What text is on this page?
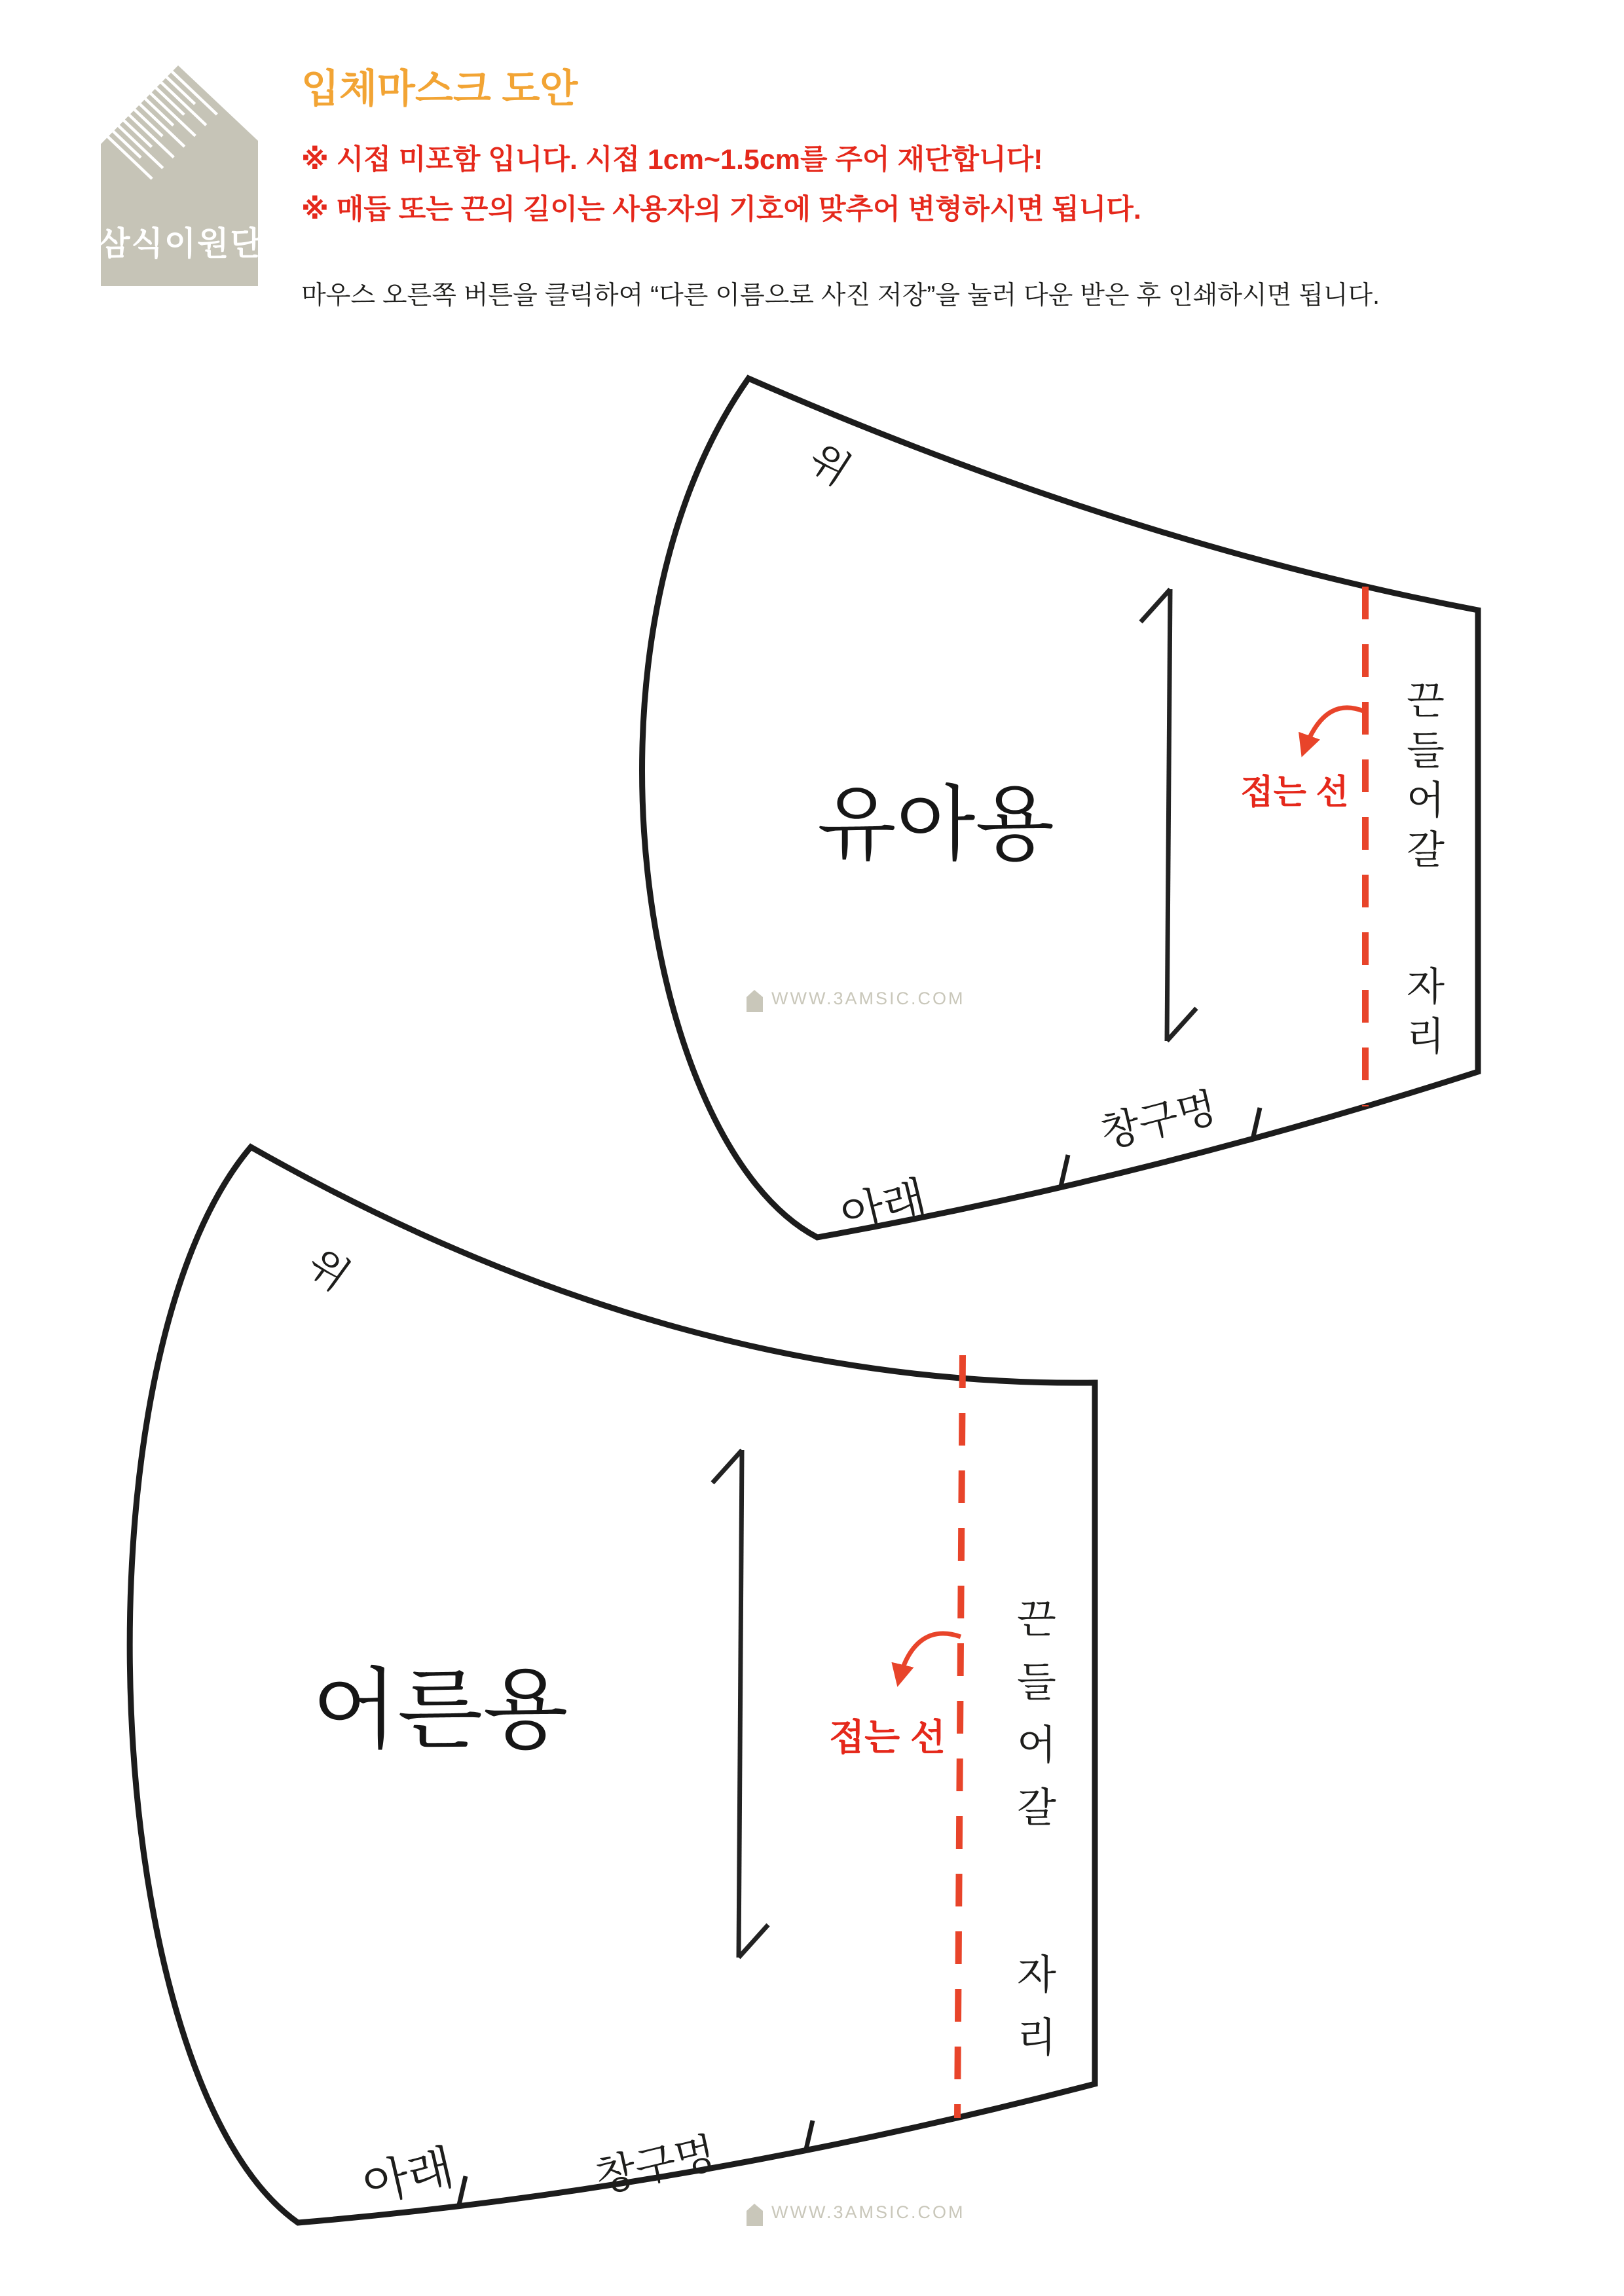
삼식이원단
입체마스크 도안
※ 시접 미포함 입니다. 시접 1cm~1.5cm를 주어 재단합니다!
※ 매듭 또는 끈의 길이는 사용자의 기호에 맞추어 변형하시면 됩니다.
마우스 오른쪽 버튼을 클릭하여 “다른 이름으로 사진 저장”을 눌러 다운 받은 후 인쇄하시면 됩니다.
유아용
위
아래
창구멍
접는 선 끈들어갈 자리
어른용
위
아래	창구멍
접는 선 끈들어갈 자리
WWW.3AMSIC.COM
WWW.3AMSIC.COM
